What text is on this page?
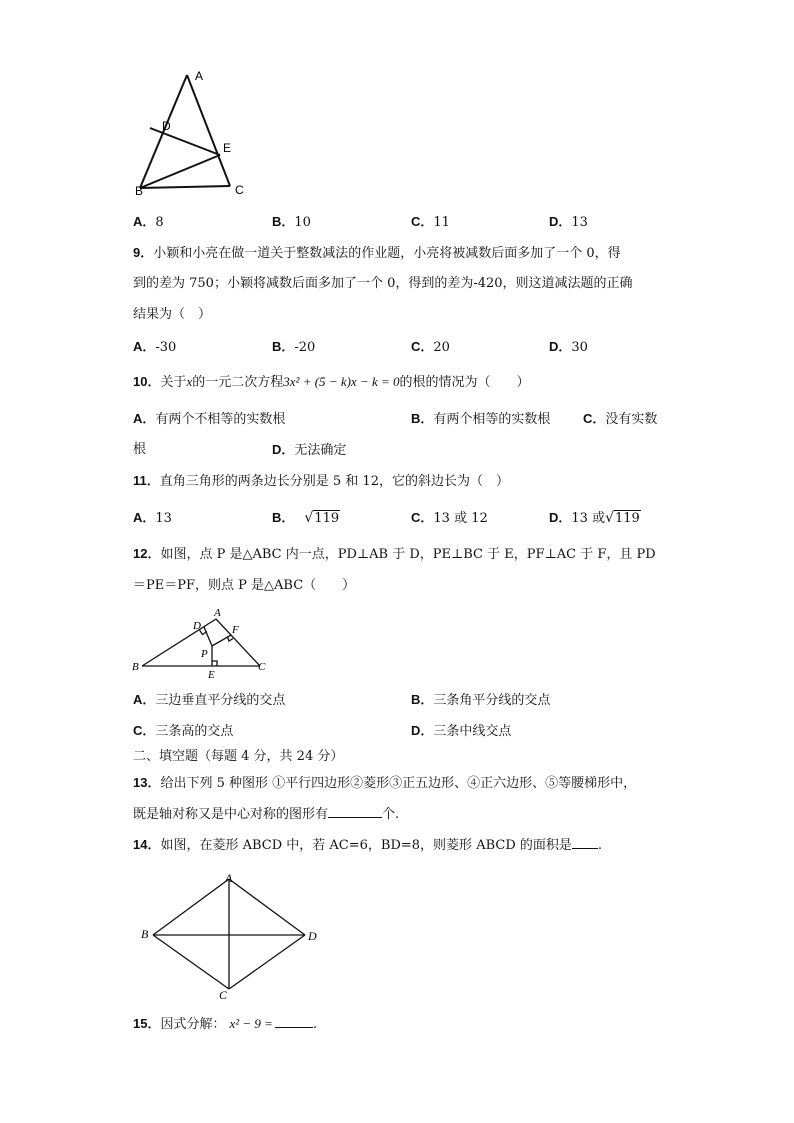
A
D
E
B	C
A．8	B．10	C．11	D．13
9．小颖和小亮在做一道关于整数减法的作业题，小亮将被减数后面多加了一个 0，得
到的差为 750；小颖将减数后面多加了一个 0，得到的差为-420，则这道减法题的正确
结果为（　）
A．-30	B．-20	C．20	D．30
10．关于x的一元二次方程3x² + (5 − k)x − k = 0的根的情况为（　　）
A．有两个不相等的实数根	B．有两个相等的实数根	C．没有实数
根	D．无法确定
11．直角三角形的两条边长分别是 5 和 12，它的斜边长为（　）
A．13	B． √119	C．13 或 12	D．13 或√119
12．如图，点 P 是△ABC 内一点，PD⊥AB 于 D，PE⊥BC 于 E，PF⊥AC 于 F，且 PD
＝PE＝PF，则点 P 是△ABC（　　）
A
D	F
P
B	C
E
A．三边垂直平分线的交点	B．三条角平分线的交点
C．三条高的交点	D．三条中线交点
二、填空题（每题 4 分，共 24 分）
13．给出下列 5 种图形 ①平行四边形②菱形③正五边形、④正六边形、⑤等腰梯形中，
既是轴对称又是中心对称的图形有	个.
14．如图，在菱形 ABCD 中，若 AC=6，BD=8，则菱形 ABCD 的面积是 .
A
B	D
C
15．因式分解： x² − 9 =	.
